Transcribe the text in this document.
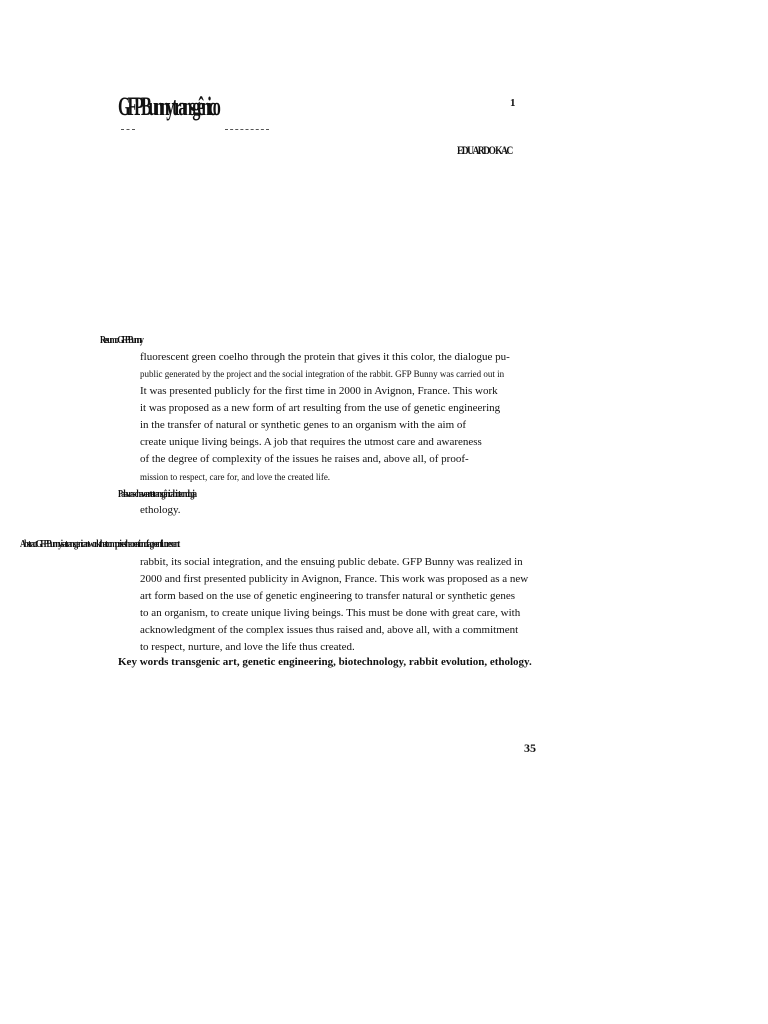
GFP Bunny transgênico	1
EDUARDO KAC
Resumo GFP Bunny
fluorescent green coelho through the protein that gives it this color, the dialogue pu-
public generated by the project and the social integration of the rabbit. GFP Bunny was carried out in
It was presented publicly for the first time in 2000 in Avignon, France. This work
it was proposed as a new form of art resulting from the use of genetic engineering
in the transfer of natural or synthetic genes to an organism with the aim of
create unique living beings. A job that requires the utmost care and awareness
of the degree of complexity of the issues he raises and, above all, of proof-
mission to respect, care for, and love the created life.
Palavras-chave arte transgênica biotecnologia
ethology.
Abstract GFP Bunny is a transgenic artwork that comprises the creation of a green fluorescent
rabbit, its social integration, and the ensuing public debate. GFP Bunny was realized in
2000 and first presented publicity in Avignon, France. This work was proposed as a new
art form based on the use of genetic engineering to transfer natural or synthetic genes
to an organism, to create unique living beings. This must be done with great care, with
acknowledgment of the complex issues thus raised and, above all, with a commitment
to respect, nurture, and love the life thus created.
Key words transgenic art, genetic engineering, biotechnology, rabbit evolution, ethology.
35
